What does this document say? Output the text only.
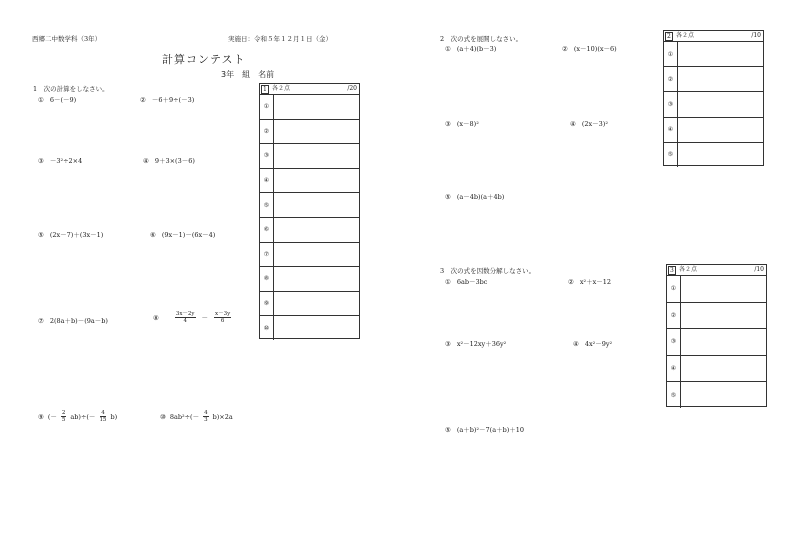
西郷二中数学科（3年）	実施日：令和５年１２月１日（金）
計算コンテスト
3年　組　名前
1　次の計算をしなさい。
① 6－(－9)	② －6＋9÷(－3)
③ －3²÷2×4	④ 9＋3×(3－6)
⑤ (2x－7)＋(3x－1)	⑥ (9x－1)－(6x－4)
⑦ 2(8a＋b)－(9a－b)	⑧	$\frac{3x-2y}{4} - \frac{x-3y}{6}$
⑨ (－ $\frac{2}{5} ab)\div(- \frac{4}{15} b)$	⑩ $8ab^2\div(- \frac{4}{3} b)\times 2a$
1 各２点	/20
①
②
③
④
⑤
⑥
⑦
⑧
⑨
⑩
2　次の式を展開しなさい。
① (a＋4)(b－3)	② (x－10)(x－6)
③ (x－8)²	④ (2x－3)²
⑤ (a－4b)(a＋4b)
2 各２点	/10
①
②
③
④
⑤
3　次の式を因数分解しなさい。
① 6ab－3bc	② x²＋x－12
③ x²－12xy＋36y²	④ 4x²－9y²
⑤ (a＋b)²－7(a＋b)＋10
3 各２点	/10
①
②
③
④
⑤
